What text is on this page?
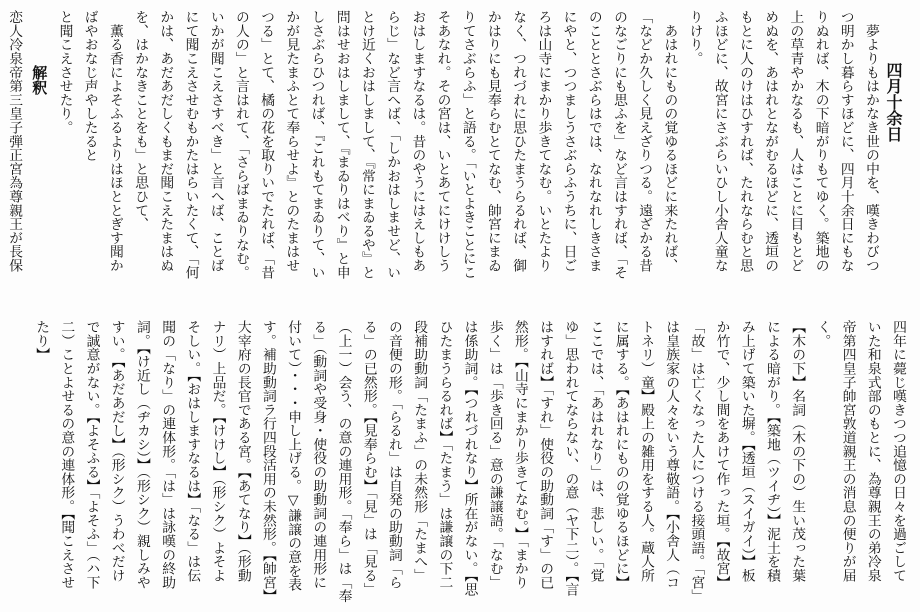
四月十余日
　夢よりもはかなき世の中を、嘆きわびつ
つ明かし暮らすほどに、四月十余日にもな
りぬれば、木の下暗がりもてゆく。築地の
上の草青やかなるも、人はことに目もとど
めぬを、あはれとながむるほどに、透垣の
もとに人のけはひすれば、たれならむと思
ふほどに、故宮にさぶらいひし小舎人童な
りけり。
　あはれにものの覚ゆるほどに来たれば、
「などか久しく見えざりつる。遠ざかる昔
のなごりにも思ふを」など言はすれば、「そ
のこととさぶらはでは、なれなれしきさま
にやと、つつましうさぶらふうちに、日ご
ろは山寺にまかり歩きてなむ。いとたより
なく、つれづれに思ひたまうらるれば、御
かはりにも見奉らむとてなむ、帥宮にまゐ
りてさぶらふ」と語る。「いとよきことにこ
そあなれ。その宮は、いとあてにけけしう
おはしますなるは。昔のやうにはえしもあ
らじ」など言へば、「しかおはしませど、い
とけ近くおはしまして、『常にまゐるや』と
問はせおはしまして、『まゐりはべり』と申
しさぶらひつれば、『これもてまゐりて、い
かが見たまふとて奉らせよ』とのたまはせ
つる」とて、橘の花を取りいでたれば、「昔
の人の」と言はれて、「さらばまゐりなむ。
いかが聞こえさすべき」と言へば、ことば
にて聞こえさせむもかたはらいたくて、「何
かは、あだあだしくもまだ聞こえたまはぬ
を、はかなきことをも」と思ひて、
　薫る香によそふるよりはほととぎす聞か
ばやおなじ声やしたると
と聞こえさせたり。
解釈
恋人冷泉帝第三皇子弾正宮為尊親王が長保
四年に薨じ嘆きつつ追憶の日々を過ごして
いた和泉式部のもとに、為尊親王の弟冷泉
帝第四皇子帥宮敦道親王の消息の便りが届
く。
【木の下】名詞（木の下の）生い茂った葉
による暗がり。【築地（ツイヂ）】泥土を積
み上げて築いた塀。【透垣（スイガイ）】板
か竹で、少し間をあけて作った垣。【故宮】
「故」は亡くなった人につける接頭語。「宮」
は皇族家の人々をいう尊敬語。【小舎人（コ
トネリ）童】殿上の雑用をする人。蔵人所
に属する。【あはれにものの覚ゆるほどに】
ここでは、「あはれなり」は、悲しい。「覚
ゆ」思われてならない、の意（ヤ下二）。【言
はすれば】「すれ」使役の助動詞「す」の已
然形。【山寺にまかり歩きてなむ。】「まかり
歩く」は「歩き回る」意の謙譲語。「なむ」
は係助詞。【つれづれなり】所在がない。【思
ひたまうらるれば】「たまう」は謙譲の下二
段補助動詞「たまふ」の未然形「たまへ」
の音便の形。「らるれ」は自発の助動詞「ら
る」の已然形。【見奉らむ】「見」は「見る」
（上一）会う、の意の連用形。「奉ら」は「奉
る」（動詞や受身・使役の助動詞の連用形に
付いて）・・・申し上げる。▽謙譲の意を表
す。補助動詞ラ行四段活用の未然形。【帥宮】
大宰府の長官である宮。【あてなり】（形動
ナリ）上品だ。【けけし】（形シク）よそよ
そしい。【おはしますなるは】「なる」は伝
聞の「なり」の連体形。「は」は詠嘆の終助
詞。【け近し（ヂカシ）】（形シク）親しみや
すい。【あだあだし】（形シク）うわべだけ
で誠意がない。【よそふる】「よそふ」（ハ下
二）ことよせるの意の連体形。【聞こえさせ
たり】
